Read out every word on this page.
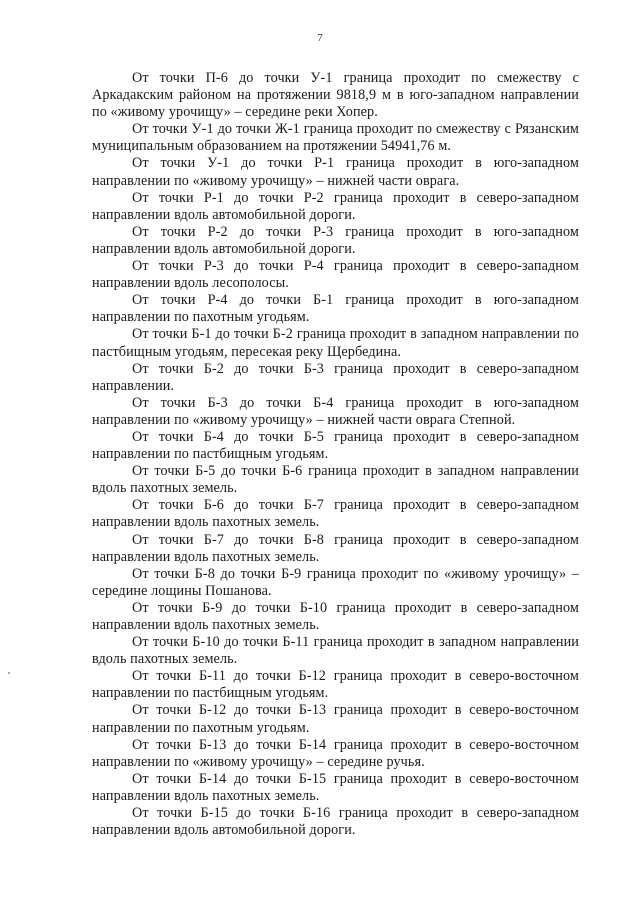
7

От точки П-6 до точки У-1 граница проходит по смежеству с Аркадакским районом на протяжении 9818,9 м в юго-западном направлении по «живому урочищу» – середине реки Хопер.

От точки У-1 до точки Ж-1 граница проходит по смежеству с Рязанским муниципальным образованием на протяжении 54941,76 м.

От точки У-1 до точки Р-1 граница проходит в юго-западном направлении по «живому урочищу» – нижней части оврага.

От точки Р-1 до точки Р-2 граница проходит в северо-западном направлении вдоль автомобильной дороги.

От точки Р-2 до точки Р-3 граница проходит в юго-западном направлении вдоль автомобильной дороги.

От точки Р-3 до точки Р-4 граница проходит в северо-западном направлении вдоль лесополосы.

От точки Р-4 до точки Б-1 граница проходит в юго-западном направлении по пахотным угодьям.

От точки Б-1 до точки Б-2 граница проходит в западном направлении по пастбищным угодьям, пересекая реку Щербедина.

От точки Б-2 до точки Б-3 граница проходит в северо-западном направлении.

От точки Б-3 до точки Б-4 граница проходит в юго-западном направлении по «живому урочищу» – нижней части оврага Степной.

От точки Б-4 до точки Б-5 граница проходит в северо-западном направлении по пастбищным угодьям.

От точки Б-5 до точки Б-6 граница проходит в западном направлении вдоль пахотных земель.

От точки Б-6 до точки Б-7 граница проходит в северо-западном направлении вдоль пахотных земель.

От точки Б-7 до точки Б-8 граница проходит в северо-западном направлении вдоль пахотных земель.

От точки Б-8 до точки Б-9 граница проходит по «живому урочищу» – середине лощины Пошанова.

От точки Б-9 до точки Б-10 граница проходит в северо-западном направлении вдоль пахотных земель.

От точки Б-10 до точки Б-11 граница проходит в западном направлении вдоль пахотных земель.

От точки Б-11 до точки Б-12 граница проходит в северо-восточном направлении по пастбищным угодьям.

От точки Б-12 до точки Б-13 граница проходит в северо-восточном направлении по пахотным угодьям.

От точки Б-13 до точки Б-14 граница проходит в северо-восточном направлении по «живому урочищу» – середине ручья.

От точки Б-14 до точки Б-15 граница проходит в северо-восточном направлении вдоль пахотных земель.

От точки Б-15 до точки Б-16 граница проходит в северо-западном направлении вдоль автомобильной дороги.
